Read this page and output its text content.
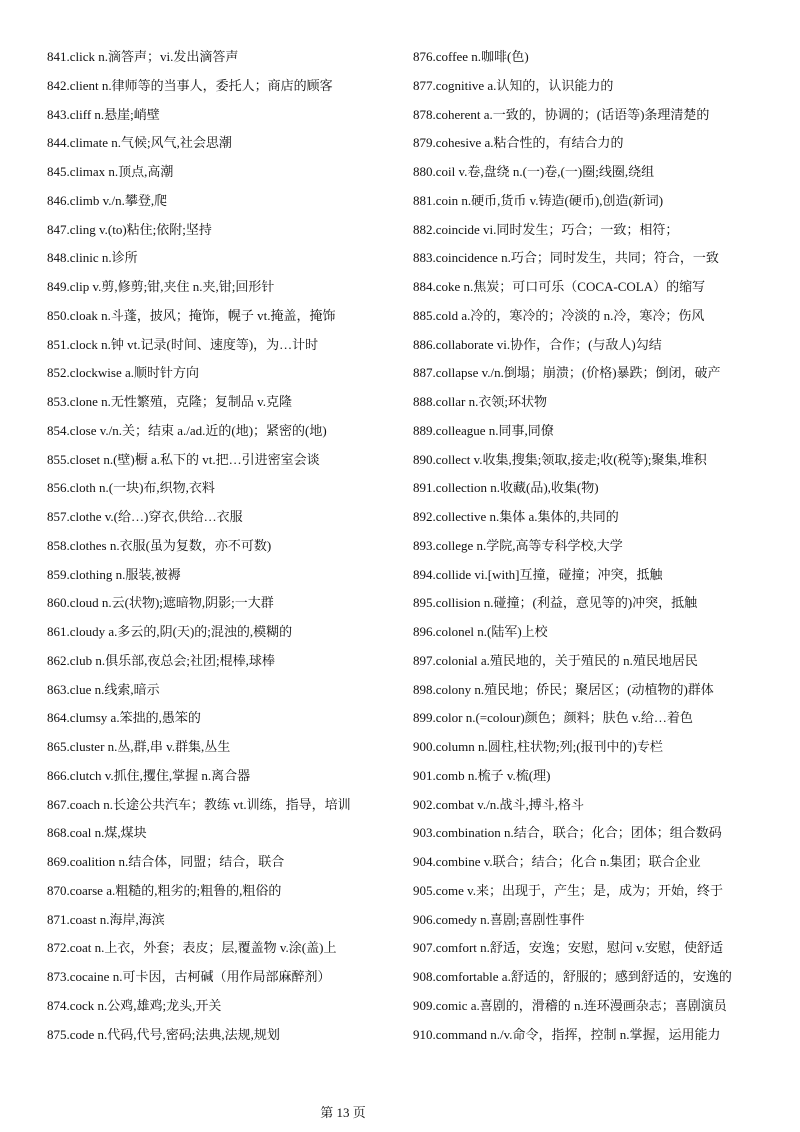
841.click n.滴答声；vi.发出滴答声
842.client n.律师等的当事人，委托人；商店的顾客
843.cliff n.悬崖;峭壁
844.climate n.气候;风气,社会思潮
845.climax n.顶点,高潮
846.climb v./n.攀登,爬
847.cling v.(to)粘住;依附;坚持
848.clinic n.诊所
849.clip v.剪,修剪;钳,夹住 n.夹,钳;回形针
850.cloak n.斗蓬，披风；掩饰，幌子 vt.掩盖，掩饰
851.clock n.钟 vt.记录(时间、速度等)，为…计时
852.clockwise a.顺时针方向
853.clone n.无性繁殖，克隆；复制品 v.克隆
854.close v./n.关；结束 a./ad.近的(地)；紧密的(地)
855.closet n.(壁)橱 a.私下的 vt.把…引进密室会谈
856.cloth n.(一块)布,织物,衣料
857.clothe v.(给…)穿衣,供给…衣服
858.clothes n.衣服(虽为复数，亦不可数)
859.clothing n.服装,被褥
860.cloud n.云(状物);遮暗物,阴影;一大群
861.cloudy a.多云的,阴(天)的;混浊的,模糊的
862.club n.俱乐部,夜总会;社团;棍棒,球棒
863.clue n.线索,暗示
864.clumsy a.笨拙的,愚笨的
865.cluster n.丛,群,串 v.群集,丛生
866.clutch v.抓住,攫住,掌握 n.离合器
867.coach n.长途公共汽车；教练 vt.训练，指导，培训
868.coal n.煤,煤块
869.coalition n.结合体，同盟；结合，联合
870.coarse a.粗糙的,粗劣的;粗鲁的,粗俗的
871.coast n.海岸,海滨
872.coat n.上衣，外套；表皮；层,覆盖物 v.涂(盖)上
873.cocaine n.可卡因，古柯碱（用作局部麻醉剂）
874.cock n.公鸡,雄鸡;龙头,开关
875.code n.代码,代号,密码;法典,法规,规划
876.coffee n.咖啡(色)
877.cognitive a.认知的，认识能力的
878.coherent a.一致的，协调的；(话语等)条理清楚的
879.cohesive a.粘合性的，有结合力的
880.coil v.卷,盘绕 n.(一)卷,(一)圈;线圈,绕组
881.coin n.硬币,货币 v.铸造(硬币),创造(新词)
882.coincide vi.同时发生；巧合；一致；相符；
883.coincidence n.巧合；同时发生，共同；符合，一致
884.coke n.焦炭；可口可乐（COCA-COLA）的缩写
885.cold a.冷的，寒冷的；冷淡的 n.冷，寒冷；伤风
886.collaborate vi.协作，合作；(与敌人)勾结
887.collapse v./n.倒塌；崩溃；(价格)暴跌；倒闭，破产
888.collar n.衣领;环状物
889.colleague n.同事,同僚
890.collect v.收集,搜集;领取,接走;收(税等);聚集,堆积
891.collection n.收藏(品),收集(物)
892.collective n.集体 a.集体的,共同的
893.college n.学院,高等专科学校,大学
894.collide vi.[with]互撞，碰撞；冲突，抵触
895.collision n.碰撞；(利益，意见等的)冲突，抵触
896.colonel n.(陆军)上校
897.colonial a.殖民地的，关于殖民的 n.殖民地居民
898.colony n.殖民地；侨民；聚居区；(动植物的)群体
899.color n.(=colour)颜色；颜料；肤色 v.给…着色
900.column n.圆柱,柱状物;列;(报刊中的)专栏
901.comb n.梳子 v.梳(理)
902.combat v./n.战斗,搏斗,格斗
903.combination n.结合，联合；化合；团体；组合数码
904.combine v.联合；结合；化合 n.集团；联合企业
905.come v.来；出现于，产生；是，成为；开始，终于
906.comedy n.喜剧;喜剧性事件
907.comfort n.舒适，安逸；安慰，慰问 v.安慰，使舒适
908.comfortable a.舒适的，舒服的；感到舒适的，安逸的
909.comic a.喜剧的，滑稽的 n.连环漫画杂志；喜剧演员
910.command n./v.命令，指挥，控制 n.掌握，运用能力
第 13 页
